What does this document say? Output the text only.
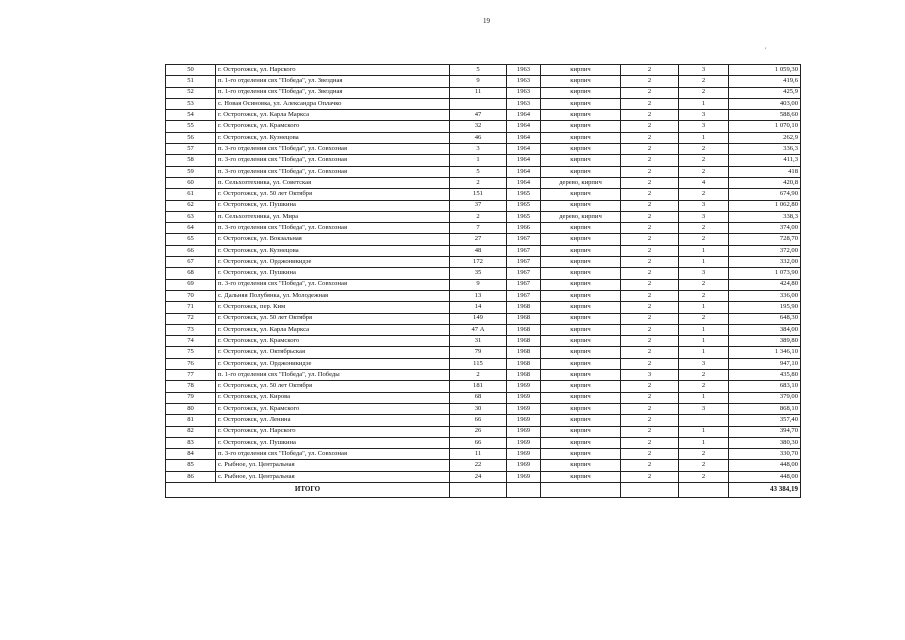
19
,
50	г. Острогожск, ул. Нарского	5	1963	кирпич	2	3	1 059,30
51	п. 1-го отделения свх "Победа", ул. Звездная	9	1963	кирпич	2	2	419,6
52	п. 1-го отделения свх "Победа", ул. Звездная	11	1963	кирпич	2	2	425,9
53	с. Новая Осиновка, ул. Александра Оплачко		1963	кирпич	2	1	403,00
54	г. Острогожск, ул. Карла Маркса	47	1964	кирпич	2	3	588,60
55	г. Острогожск, ул. Крамского	32	1964	кирпич	2	3	1 070,10
56	г. Острогожск, ул. Кузнецова	46	1964	кирпич	2	1	262,9
57	п. 3-го отделения свх "Победа", ул. Совхозная	3	1964	кирпич	2	2	336,3
58	п. 3-го отделения свх "Победа", ул. Совхозная	1	1964	кирпич	2	2	411,3
59	п. 3-го отделения свх "Победа", ул. Совхозная	5	1964	кирпич	2	2	418
60	п. Сельхозтехника, ул. Советская	2	1964	дерево, кирпич	2	4	420,8
61	г. Острогожск, ул. 50 лет Октября	151	1965	кирпич	2	2	674,90
62	г. Острогожск, ул. Пушкина	37	1965	кирпич	2	3	1 062,80
63	п. Сельхозтехника, ул. Мира	2	1965	дерево, кирпич	2	3	338,3
64	п. 3-го отделения свх "Победа", ул. Совхозная	7	1966	кирпич	2	2	374,00
65	г. Острогожск, ул. Вокзальная	27	1967	кирпич	2	2	728,70
66	г. Острогожск, ул. Кузнецова	48	1967	кирпич	2	1	372,00
67	г. Острогожск, ул. Орджоникидзе	172	1967	кирпич	2	1	332,00
68	г. Острогожск, ул. Пушкина	35	1967	кирпич	2	3	1 073,90
69	п. 3-го отделения свх "Победа", ул. Совхозная	9	1967	кирпич	2	2	424,80
70	с. Дальняя Полубянка, ул. Молодежная	13	1967	кирпич	2	2	336,00
71	г. Острогожск, пер. Ким	14	1968	кирпич	2	1	195,90
72	г. Острогожск, ул. 50 лет Октября	149	1968	кирпич	2	2	648,30
73	г. Острогожск, ул. Карла Маркса	47 А	1968	кирпич	2	1	384,00
74	г. Острогожск, ул. Крамского	31	1968	кирпич	2	1	389,80
75	г. Острогожск, ул. Октябрьская	79	1968	кирпич	2	1	1 346,10
76	г. Острогожск, ул. Орджоникидзе	115	1968	кирпич	2	3	947,10
77	п. 1-го отделения свх "Победа", ул. Победы	2	1968	кирпич	3	2	435,80
78	г. Острогожск, ул. 50 лет Октября	181	1969	кирпич	2	2	683,10
79	г. Острогожск, ул. Кирова	68	1969	кирпич	2	1	379,00
80	г. Острогожск, ул. Крамского	30	1969	кирпич	2	3	868,10
81	г. Острогожск, ул. Ленина	66	1969	кирпич	2		357,40
82	г. Острогожск, ул. Нарского	26	1969	кирпич	2	1	394,70
83	г. Острогожск, ул. Пушкина	66	1969	кирпич	2	1	380,30
84	п. 3-го отделения свх "Победа", ул. Совхозная	11	1969	кирпич	2	2	330,70
85	с. Рыбное, ул. Центральная	22	1969	кирпич	2	2	448,00
86	с. Рыбное, ул. Центральная	24	1969	кирпич	2	2	448,00
ИТОГО							43 384,19
